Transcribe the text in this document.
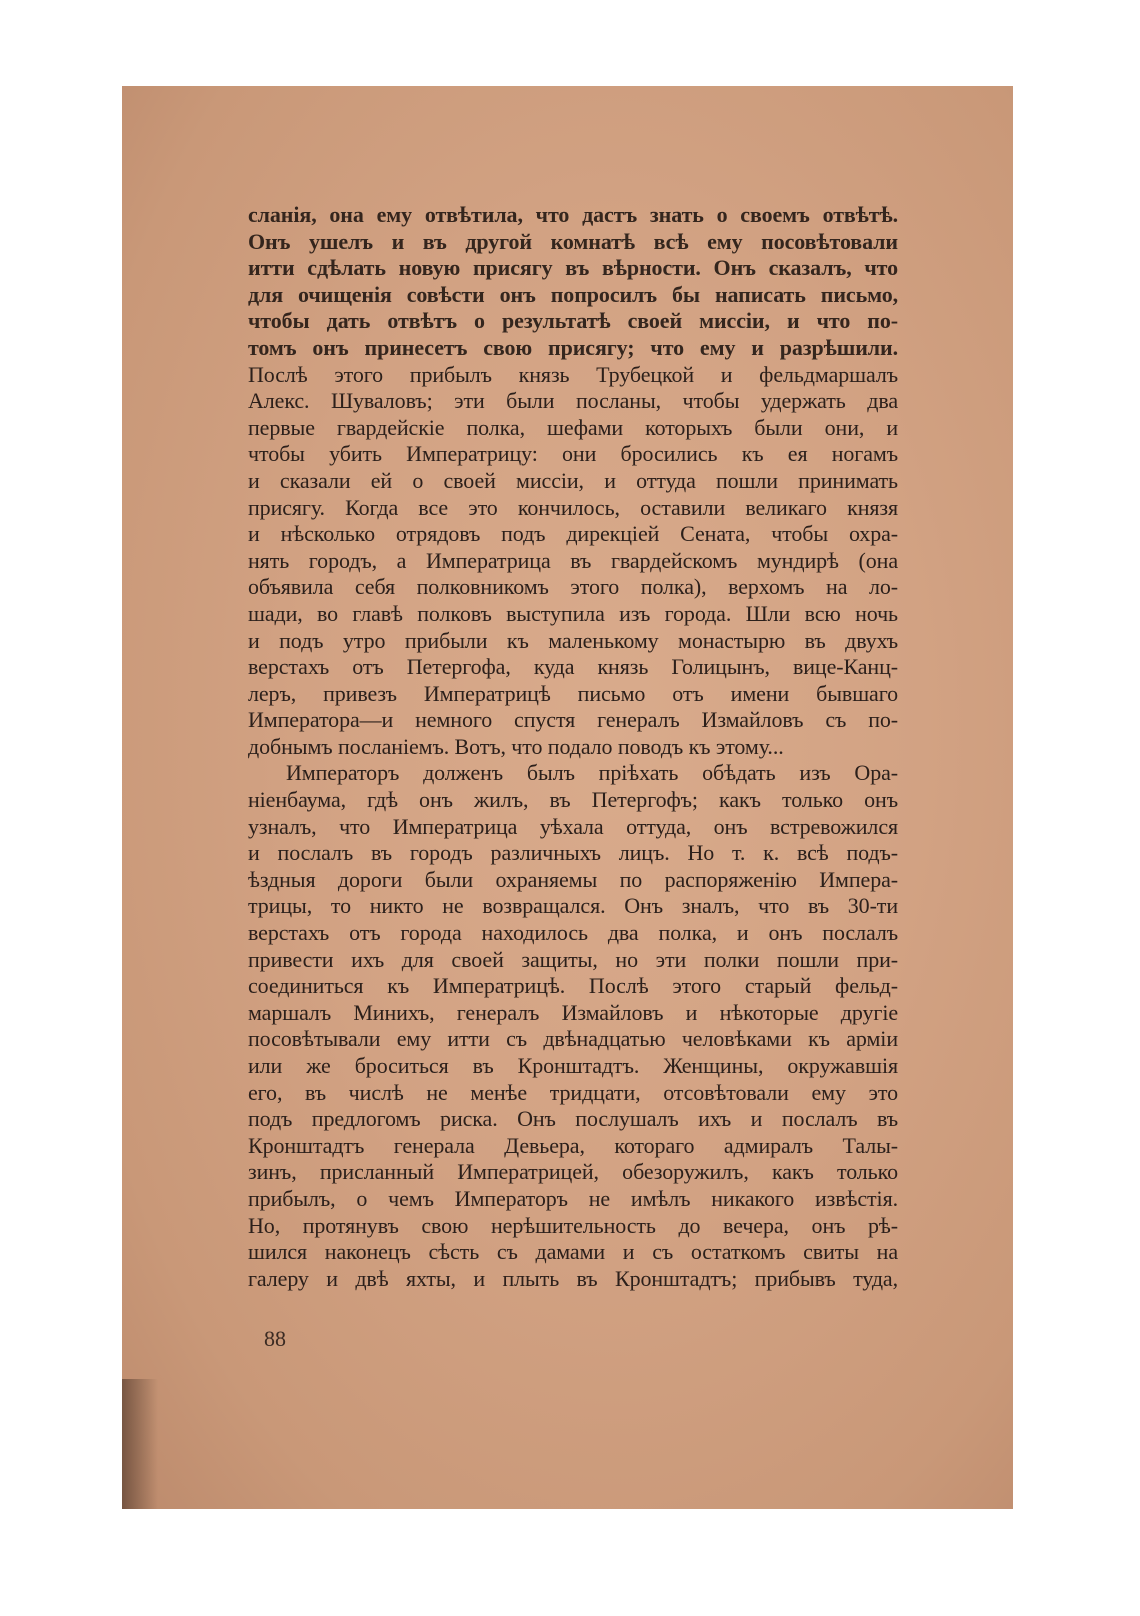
сланія, она ему отвѣтила, что дастъ знать о своемъ отвѣтѣ.
Онъ ушелъ и въ другой комнатѣ всѣ ему посовѣтовали
итти сдѣлать новую присягу въ вѣрности. Онъ сказалъ, что
для очищенія совѣсти онъ попросилъ бы написать письмо,
чтобы дать отвѣтъ о результатѣ своей миссіи, и что по-
томъ онъ принесетъ свою присягу; что ему и разрѣшили.
Послѣ этого прибылъ князь Трубецкой и фельдмаршалъ
Алекс. Шуваловъ; эти были посланы, чтобы удержать два
первые гвардейскіе полка, шефами которыхъ были они, и
чтобы убить Императрицу: они бросились къ ея ногамъ
и сказали ей о своей миссіи, и оттуда пошли принимать
присягу. Когда все это кончилось, оставили великаго князя
и нѣсколько отрядовъ подъ дирекціей Сената, чтобы охра-
нять городъ, а Императрица въ гвардейскомъ мундирѣ (она
объявила себя полковникомъ этого полка), верхомъ на ло-
шади, во главѣ полковъ выступила изъ города. Шли всю ночь
и подъ утро прибыли къ маленькому монастырю въ двухъ
верстахъ отъ Петергофа, куда князь Голицынъ, вице-Канц-
леръ, привезъ Императрицѣ письмо отъ имени бывшаго
Императора—и немного спустя генералъ Измайловъ съ по-
добнымъ посланіемъ. Вотъ, что подало поводъ къ этому...
Императоръ долженъ былъ пріѣхать обѣдать изъ Ора-
ніенбаума, гдѣ онъ жилъ, въ Петергофъ; какъ только онъ
узналъ, что Императрица уѣхала оттуда, онъ встревожился
и послалъ въ городъ различныхъ лицъ. Но т. к. всѣ подъ-
ѣздныя дороги были охраняемы по распоряженію Импера-
трицы, то никто не возвращался. Онъ зналъ, что въ 30-ти
верстахъ отъ города находилось два полка, и онъ послалъ
привести ихъ для своей защиты, но эти полки пошли при-
соединиться къ Императрицѣ. Послѣ этого старый фельд-
маршалъ Минихъ, генералъ Измайловъ и нѣкоторые другіе
посовѣтывали ему итти съ двѣнадцатью человѣками къ арміи
или же броситься въ Кронштадтъ. Женщины, окружавшія
его, въ числѣ не менѣе тридцати, отсовѣтовали ему это
подъ предлогомъ риска. Онъ послушалъ ихъ и послалъ въ
Кронштадтъ генерала Девьера, котораго адмиралъ Талы-
зинъ, присланный Императрицей, обезоружилъ, какъ только
прибылъ, о чемъ Императоръ не имѣлъ никакого извѣстія.
Но, протянувъ свою нерѣшительность до вечера, онъ рѣ-
шился наконецъ сѣсть съ дамами и съ остаткомъ свиты на
галеру и двѣ яхты, и плыть въ Кронштадтъ; прибывъ туда,
88
